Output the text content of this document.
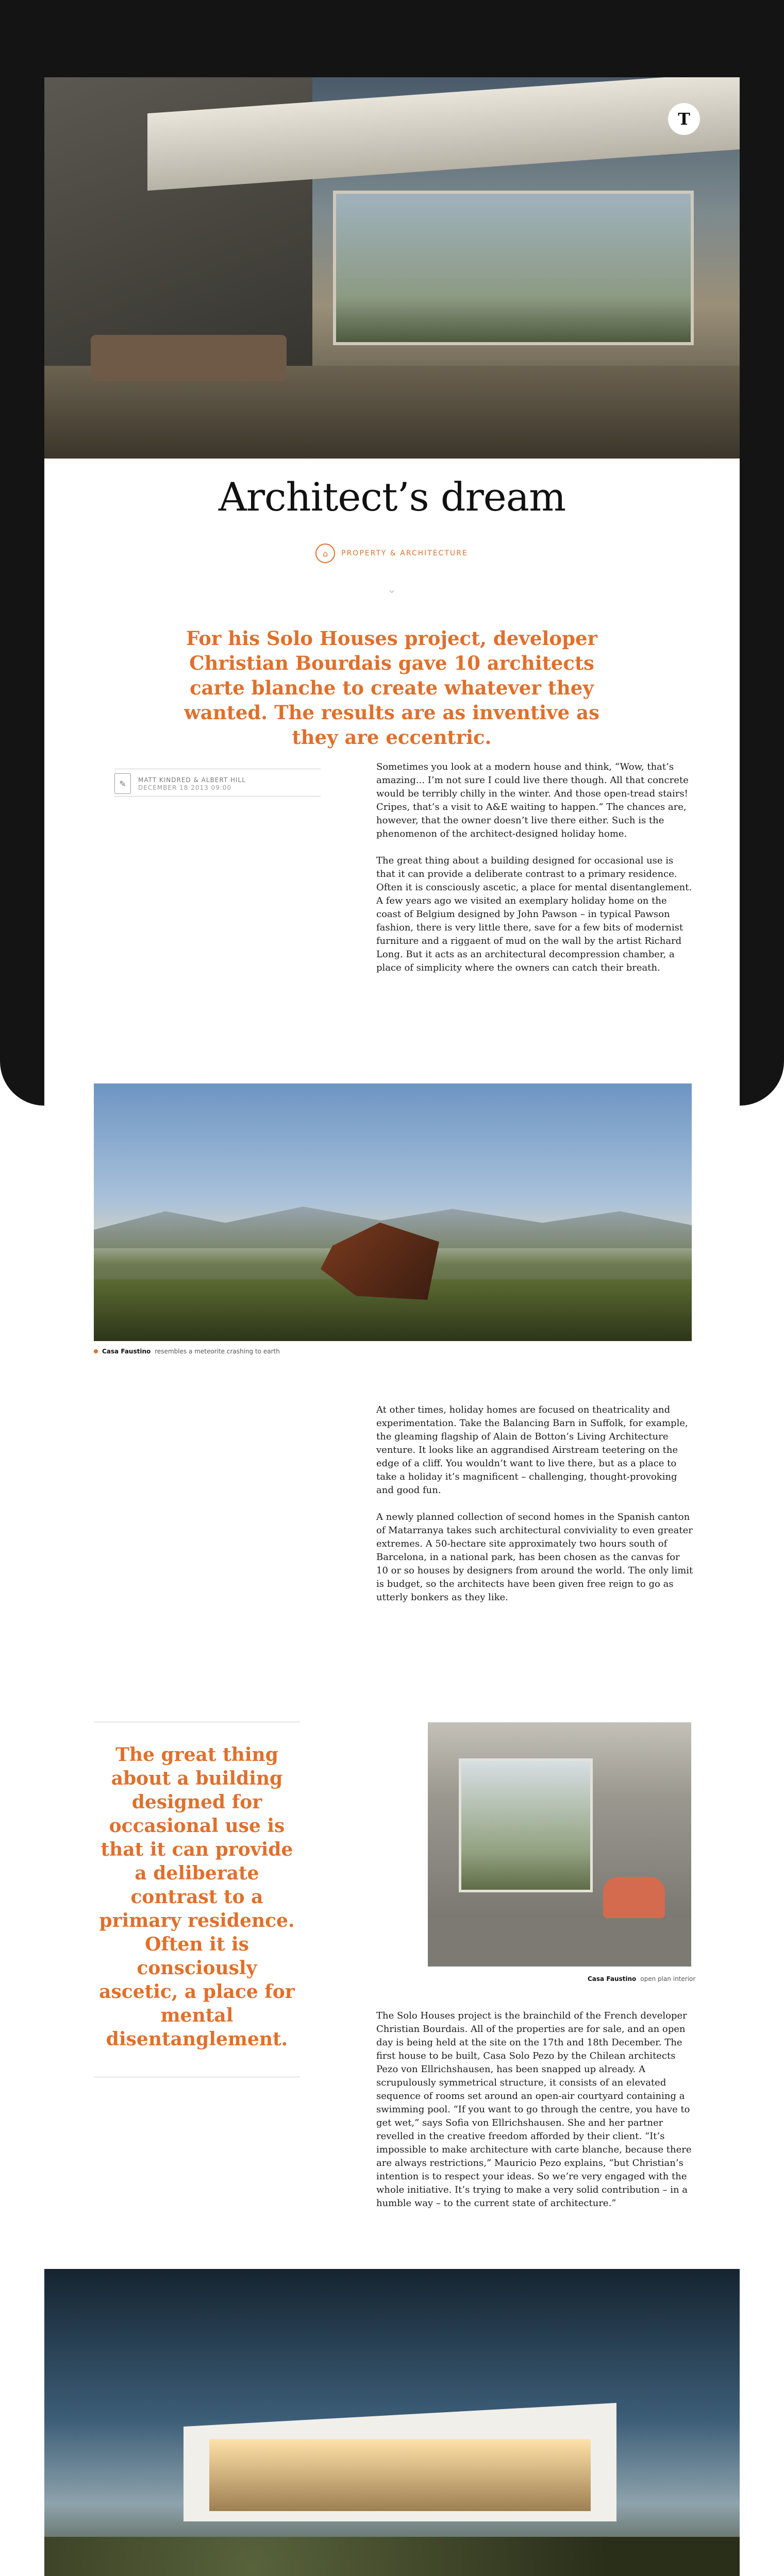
T
Architect’s dream
⌂	PROPERTY & ARCHITECTURE
⌄

For his Solo Houses project, developer Christian Bourdais gave 10 architects carte blanche to create whatever they wanted. The results are as inventive as they are eccentric.

✎	MATT KINDRED & ALBERT HILL
DECEMBER 18 2013 09:00

Sometimes you look at a modern house and think, “Wow, that’s amazing... I’m not sure I could live there though. All that concrete would be terribly chilly in the winter. And those open-tread stairs! Cripes, that’s a visit to A&E waiting to happen.” The chances are, however, that the owner doesn’t live there either. Such is the phenomenon of the architect-designed holiday home.

The great thing about a building designed for occasional use is that it can provide a deliberate contrast to a primary residence. Often it is consciously ascetic, a place for mental disentanglement. A few years ago we visited an exemplary holiday home on the coast of Belgium designed by John Pawson – in typical Pawson fashion, there is very little there, save for a few bits of modernist furniture and a riggaent of mud on the wall by the artist Richard Long. But it acts as an architectural decompression chamber, a place of simplicity where the owners can catch their breath.

Casa Faustino resembles a meteorite crashing to earth

At other times, holiday homes are focused on theatricality and experimentation. Take the Balancing Barn in Suffolk, for example, the gleaming flagship of Alain de Botton’s Living Architecture venture. It looks like an aggrandised Airstream teetering on the edge of a cliff. You wouldn’t want to live there, but as a place to take a holiday it’s magnificent – challenging, thought-provoking and good fun.

A newly planned collection of second homes in the Spanish canton of Matarranya takes such architectural conviviality to even greater extremes. A 50-hectare site approximately two hours south of Barcelona, in a national park, has been chosen as the canvas for 10 or so houses by designers from around the world. The only limit is budget, so the architects have been given free reign to go as utterly bonkers as they like.

The great thing about a building designed for occasional use is that it can provide a deliberate contrast to a primary residence. Often it is consciously ascetic, a place for mental disentanglement.
Casa Faustino open plan interior

The Solo Houses project is the brainchild of the French developer Christian Bourdais. All of the properties are for sale, and an open day is being held at the site on the 17th and 18th December. The first house to be built, Casa Solo Pezo by the Chilean architects Pezo von Ellrichshausen, has been snapped up already. A scrupulously symmetrical structure, it consists of an elevated sequence of rooms set around an open-air courtyard containing a swimming pool. “If you want to go through the centre, you have to get wet,” says Sofia von Ellrichshausen. She and her partner revelled in the creative freedom afforded by their client. “It’s impossible to make architecture with carte blanche, because there are always restrictions,” Mauricio Pezo explains, “but Christian’s intention is to respect your ideas. So we’re very engaged with the whole initiative. It’s trying to make a very solid contribution – in a humble way – to the current state of architecture.”
